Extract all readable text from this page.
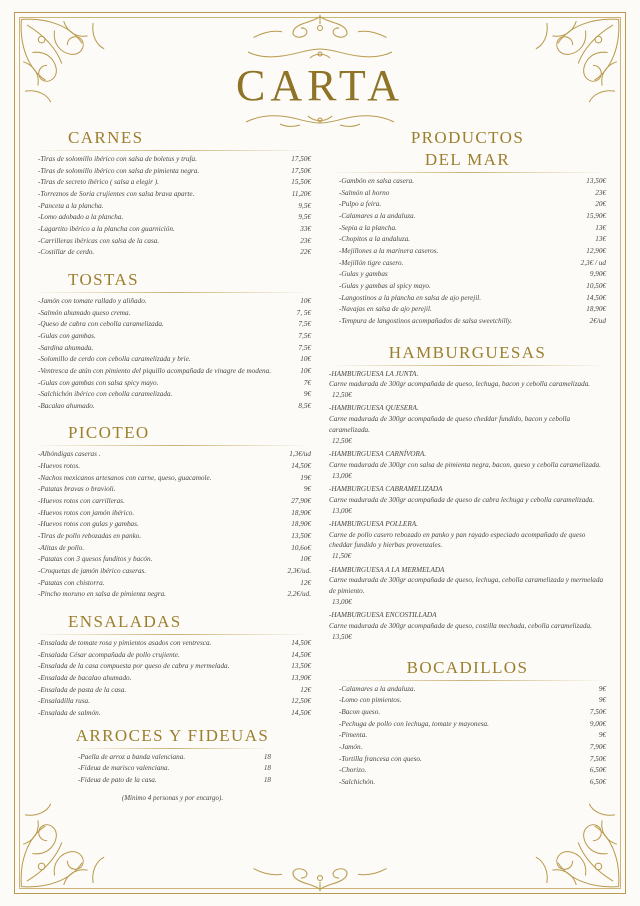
CARTA
CARNES
-Tiras de solomillo ibérico con salsa de boletus y trufa.	17,50€
-Tiras de solomillo ibérico con salsa de pimienta negra.	17,50€
-Tiras de secreto ibérico ( salsa a elegir ).	15,50€
-Torreznos de Soria crujientes con salsa brava aparte.	11,20€
-Panceta a la plancha.	9,5€
-Lomo adobado a la plancha.	9,5€
-Lagartito ibérico a la plancha con guarnición.	33€
-Carrilleras ibéricas con salsa de la casa.	23€
-Costillar de cerdo.	22€
TOSTAS
-Jamón con tomate rallado y aliñado.	10€
-Salmón ahumado queso crema.	7, 5€
-Queso de cabra con cebolla caramelizada.	7,5€
-Gulas con gambas.	7,5€
-Sardina ahumada.	7,5€
-Solomillo de cerdo con cebolla caramelizada y brie.	10€
-Ventresca de atún con pimiento del piquillo acompañada de vinagre de modena.	10€
-Gulas con gambas con salsa spicy mayo.	7€
-Salchichón ibérico con cebolla caramelizada.	9€
-Bacalao ahumado.	8,5€
PICOTEO
-Albóndigas caseras .	1,3€/ud
-Huevos rotos.	14,50€
-Nachos mexicanos artesanos con carne, queso, guacamole.	19€
-Patatas bravas o bravioli.	9€
-Huevos rotos con carrilleras.	27,90€
-Huevos rotos con jamón ibérico.	18,90€
-Huevos rotos con gulas y gambas.	18,90€
-Tiras de pollo rebozadas en panko.	13,50€
-Alitas de pollo.	10,6o€
-Patatas con 3 quesos funditos y bacón.	10€
-Croquetas de jamón ibérico caseras.	2,3€/ud.
-Patatas con chistorra.	12€
-Pincho moruno en salsa de pimienta negra.	2,2€/ud.
ENSALADAS
-Ensalada de tomate rosa y pimientos asados con ventresca.	14,50€
-Ensalada César acompañada de pollo crujiente.	14,50€
-Ensalada de la casa compuesta por queso de cabra y mermelada.	13,50€
-Ensalada de bacalao ahumado.	13,90€
-Ensalada de pasta de la casa.	12€
-Ensaladilla rusa.	12,50€
-Ensalada de salmón.	14,50€
ARROCES Y FIDEUAS
-Paella de arroz a banda valenciana.	18
-Fideua de marisco valenciana.	18
-Fideua de pato de la casa.	18
(Mínimo 4 personas y por encargo).
PRODUCTOS
DEL MAR
-Gambón en salsa casera.	13,50€
-Salmón al horno	23€
-Pulpo a feira.	20€
-Calamares a la andaluza.	15,90€
-Sepia a la plancha.	13€
-Chopitos a la andaluza.	13€
-Mejillones a la marinera caseros.	12,90€
-Mejillón tigre casero.	2,3€ / ud
-Gulas y gambas	9,90€
-Gulas y gambas al spicy mayo.	10,50€
-Langostinos a la plancha en salsa de ajo perejil.	14,50€
-Navajas en salsa de ajo perejil.	18,90€
-Tempura de langostinos acompañados de salsa sweetchilly.	2€/ud
HAMBURGUESAS
-HAMBURGUESA LA JUNTA.
Carne madurada de 300gr acompañada de queso, lechuga, bacon y cebolla caramelizada.
12,50€
-HAMBURGUESA QUESERA.
Carne madurada de 300gr acompañada de queso cheddar fundido, bacon y cebolla caramelizada.
12,50€
-HAMBURGUESA CARNÍVORA.
Carne madurada de 300gr con salsa de pimienta negra, bacon, queso y cebolla caramelizada.
13,00€
-HAMBURGUESA CABRAMELIZADA
Carne madurada de 300gr acompañada de queso de cabra lechuga y cebolla caramelizada.
13,00€
-HAMBURGUESA POLLERA.
Carne de pollo casero rebozado en panko y pan rayado especiado acompañado de queso cheddar fundido y hierbas provenzales.
11,50€
-HAMBURGUESA A LA MERMELADA
Carne madurada de 300gr acompañada de queso, lechuga, cebolla caramelizada y mermelada de pimiento.
13,00€
-HAMBURGUESA ENCOSTILLADA
Carne madurada de 300gr acompañada de queso, costilla mechada, cebolla caramelizada.
13,50€
BOCADILLOS
-Calamares a la andaluza.	9€
-Lomo con pimientos.	9€
-Bacon queso.	7,50€
-Pechuga de pollo con lechuga, tomate y mayonesa.	9,00€
-Pimenta.	9€
-Jamón.	7,90€
-Tortilla francesa con queso.	7,50€
-Chorizo.	6,50€
-Salchichón.	6,50€
